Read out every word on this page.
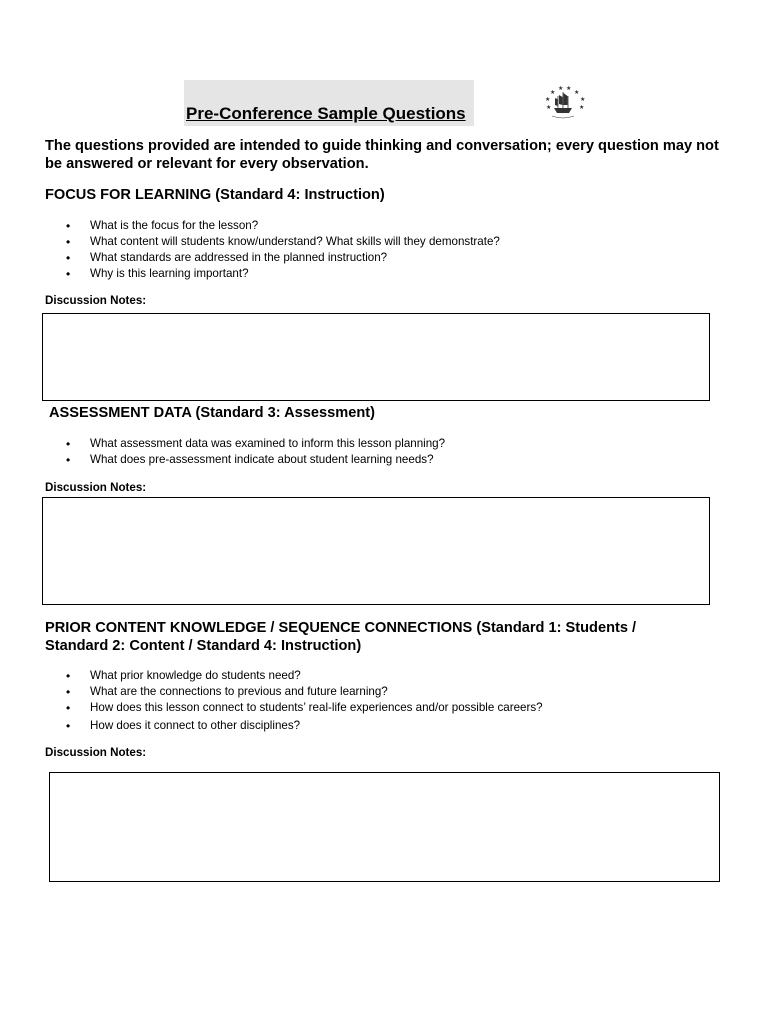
Pre-Conference Sample Questions
★
★ ★
★
★	★
★	★

The questions provided are intended to guide thinking and conversation; every question may not be answered or relevant for every observation.

FOCUS FOR LEARNING (Standard 4: Instruction)
• What is the focus for the lesson?
• What content will students know/understand? What skills will they demonstrate?
• What standards are addressed in the planned instruction?
• Why is this learning important?

Discussion Notes:

ASSESSMENT DATA (Standard 3: Assessment)
• What assessment data was examined to inform this lesson planning?
• What does pre-assessment indicate about student learning needs?

Discussion Notes:

PRIOR CONTENT KNOWLEDGE / SEQUENCE CONNECTIONS (Standard 1: Students /
Standard 2: Content / Standard 4: Instruction)
• What prior knowledge do students need?
• What are the connections to previous and future learning?
• How does this lesson connect to students’ real-life experiences and/or possible careers?
• How does it connect to other disciplines?

Discussion Notes:
